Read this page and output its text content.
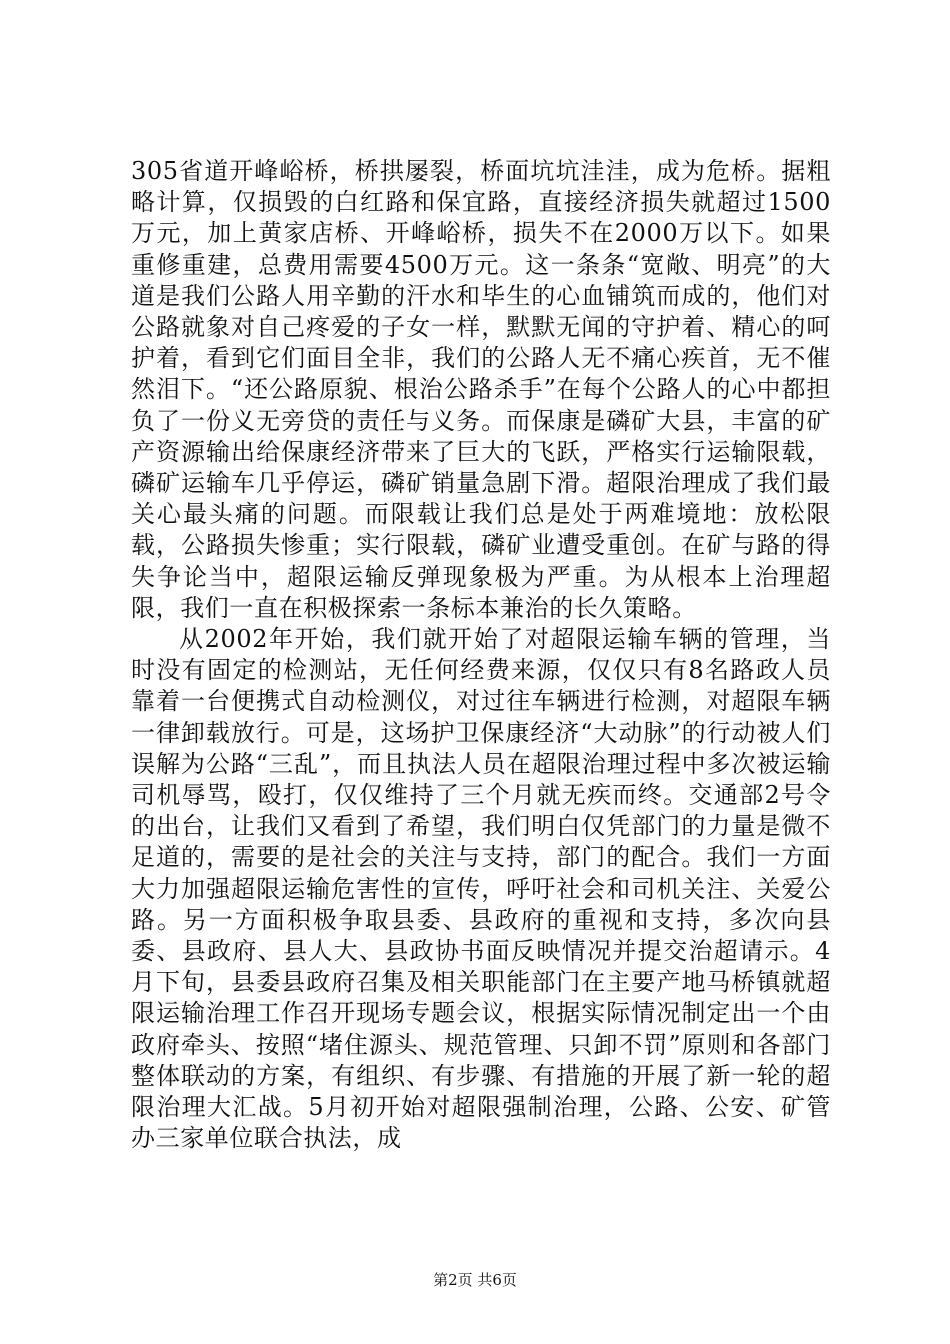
305省道开峰峪桥，桥拱屡裂，桥面坑坑洼洼，成为危桥。据粗略计算，仅损毁的白红路和保宜路，直接经济损失就超过1500万元，加上黄家店桥、开峰峪桥，损失不在2000万以下。如果重修重建，总费用需要4500万元。这一条条“宽敞、明亮”的大道是我们公路人用辛勤的汗水和毕生的心血铺筑而成的，他们对公路就象对自己疼爱的子女一样，默默无闻的守护着、精心的呵护着，看到它们面目全非，我们的公路人无不痛心疾首，无不催然泪下。“还公路原貌、根治公路杀手”在每个公路人的心中都担负了一份义无旁贷的责任与义务。而保康是磷矿大县，丰富的矿产资源输出给保康经济带来了巨大的飞跃，严格实行运输限载，磷矿运输车几乎停运，磷矿销量急剧下滑。超限治理成了我们最关心最头痛的问题。而限载让我们总是处于两难境地：放松限载，公路损失惨重；实行限载，磷矿业遭受重创。在矿与路的得失争论当中，超限运输反弹现象极为严重。为从根本上治理超限，我们一直在积极探索一条标本兼治的长久策略。

从2002年开始，我们就开始了对超限运输车辆的管理，当时没有固定的检测站，无任何经费来源，仅仅只有8名路政人员靠着一台便携式自动检测仪，对过往车辆进行检测，对超限车辆一律卸载放行。可是，这场护卫保康经济“大动脉”的行动被人们误解为公路“三乱”，而且执法人员在超限治理过程中多次被运输司机辱骂，殴打，仅仅维持了三个月就无疾而终。交通部2号令的出台，让我们又看到了希望，我们明白仅凭部门的力量是微不足道的，需要的是社会的关注与支持，部门的配合。我们一方面大力加强超限运输危害性的宣传，呼吁社会和司机关注、关爱公路。另一方面积极争取县委、县政府的重视和支持，多次向县委、县政府、县人大、县政协书面反映情况并提交治超请示。4月下旬，县委县政府召集及相关职能部门在主要产地马桥镇就超限运输治理工作召开现场专题会议，根据实际情况制定出一个由政府牵头、按照“堵住源头、规范管理、只卸不罚”原则和各部门整体联动的方案，有组织、有步骤、有措施的开展了新一轮的超限治理大汇战。5月初开始对超限强制治理，公路、公安、矿管办三家单位联合执法，成

第2页 共6页
